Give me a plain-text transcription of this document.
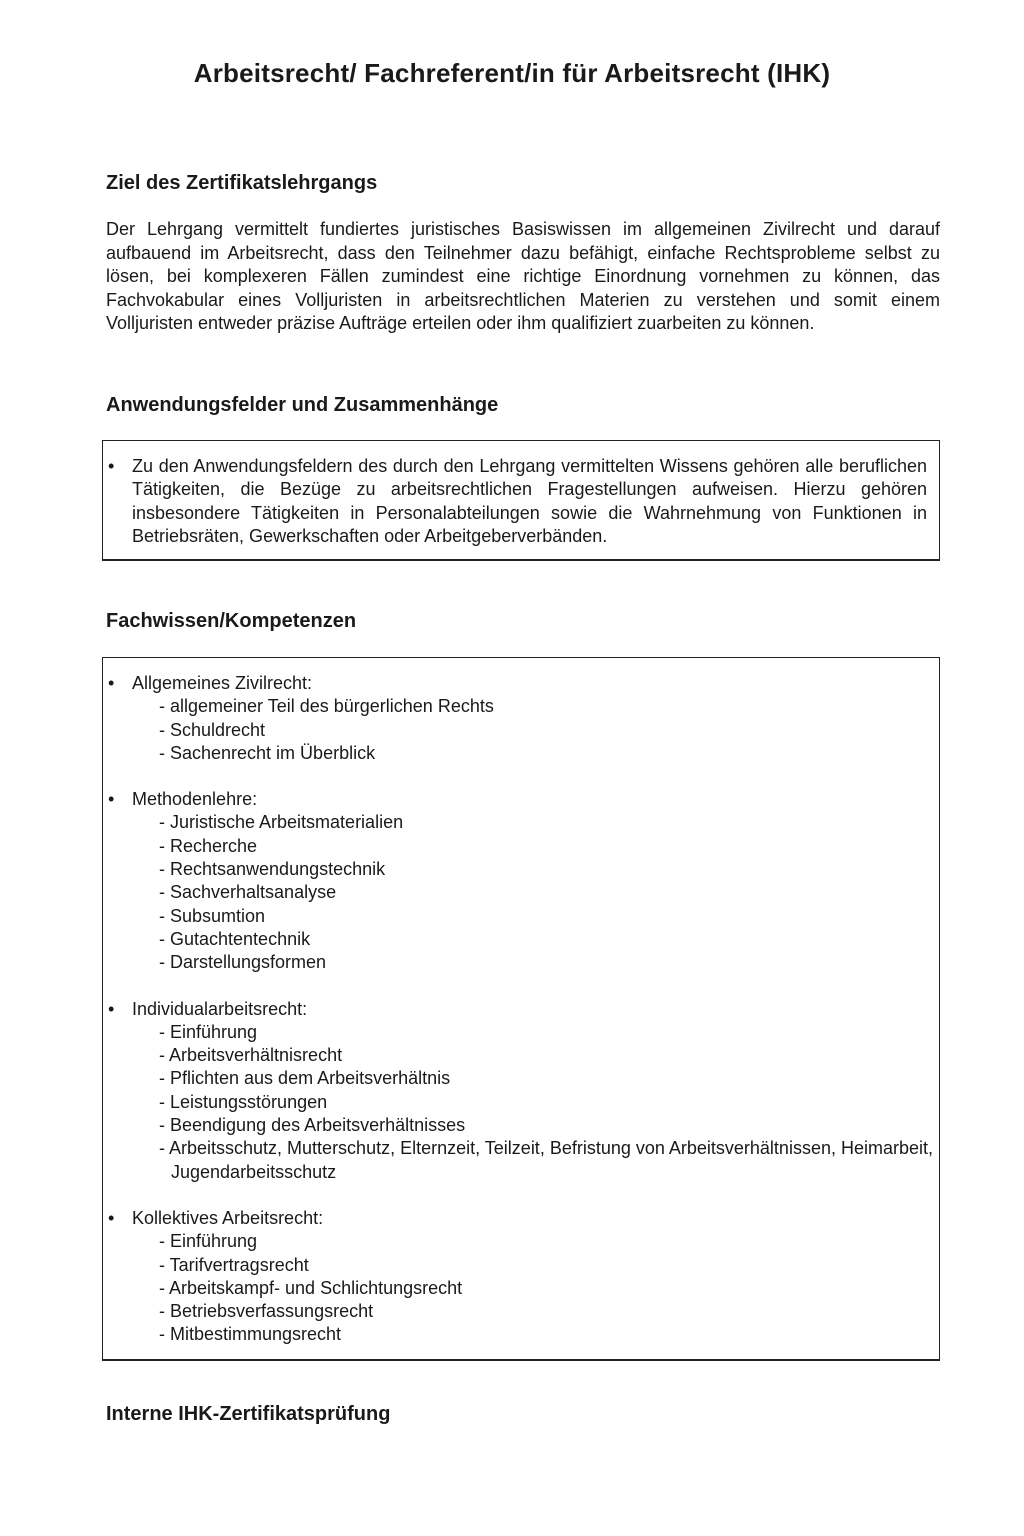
Arbeitsrecht/ Fachreferent/in für Arbeitsrecht (IHK)
Ziel des Zertifikatslehrgangs
Der Lehrgang vermittelt fundiertes juristisches Basiswissen im allgemeinen Zivilrecht und darauf aufbauend im Arbeitsrecht, dass den Teilnehmer dazu befähigt, einfache Rechtsprobleme selbst zu lösen, bei komplexeren Fällen zumindest eine richtige Einordnung vornehmen zu können, das Fachvokabular eines Volljuristen in arbeitsrechtlichen Materien zu verstehen und somit einem Volljuristen entweder präzise Aufträge erteilen oder ihm qualifiziert zuarbeiten zu können.
Anwendungsfelder und Zusammenhänge
• Zu den Anwendungsfeldern des durch den Lehrgang vermittelten Wissens gehören alle beruflichen Tätigkeiten, die Bezüge zu arbeitsrechtlichen Fragestellungen aufweisen. Hierzu gehören insbesondere Tätigkeiten in Personalabteilungen sowie die Wahrnehmung von Funktionen in Betriebsräten, Gewerkschaften oder Arbeitgeberverbänden.
Fachwissen/Kompetenzen
• Allgemeines Zivilrecht:
- allgemeiner Teil des bürgerlichen Rechts
- Schuldrecht
- Sachenrecht im Überblick
• Methodenlehre:
- Juristische Arbeitsmaterialien
- Recherche
- Rechtsanwendungstechnik
- Sachverhaltsanalyse
- Subsumtion
- Gutachtentechnik
- Darstellungsformen
• Individualarbeitsrecht:
- Einführung
- Arbeitsverhältnisrecht
- Pflichten aus dem Arbeitsverhältnis
- Leistungsstörungen
- Beendigung des Arbeitsverhältnisses
- Arbeitsschutz, Mutterschutz, Elternzeit, Teilzeit, Befristung von Arbeitsverhältnissen, Heimarbeit, Jugendarbeitsschutz
• Kollektives Arbeitsrecht:
- Einführung
- Tarifvertragsrecht
- Arbeitskampf- und Schlichtungsrecht
- Betriebsverfassungsrecht
- Mitbestimmungsrecht
Interne IHK-Zertifikatsprüfung
